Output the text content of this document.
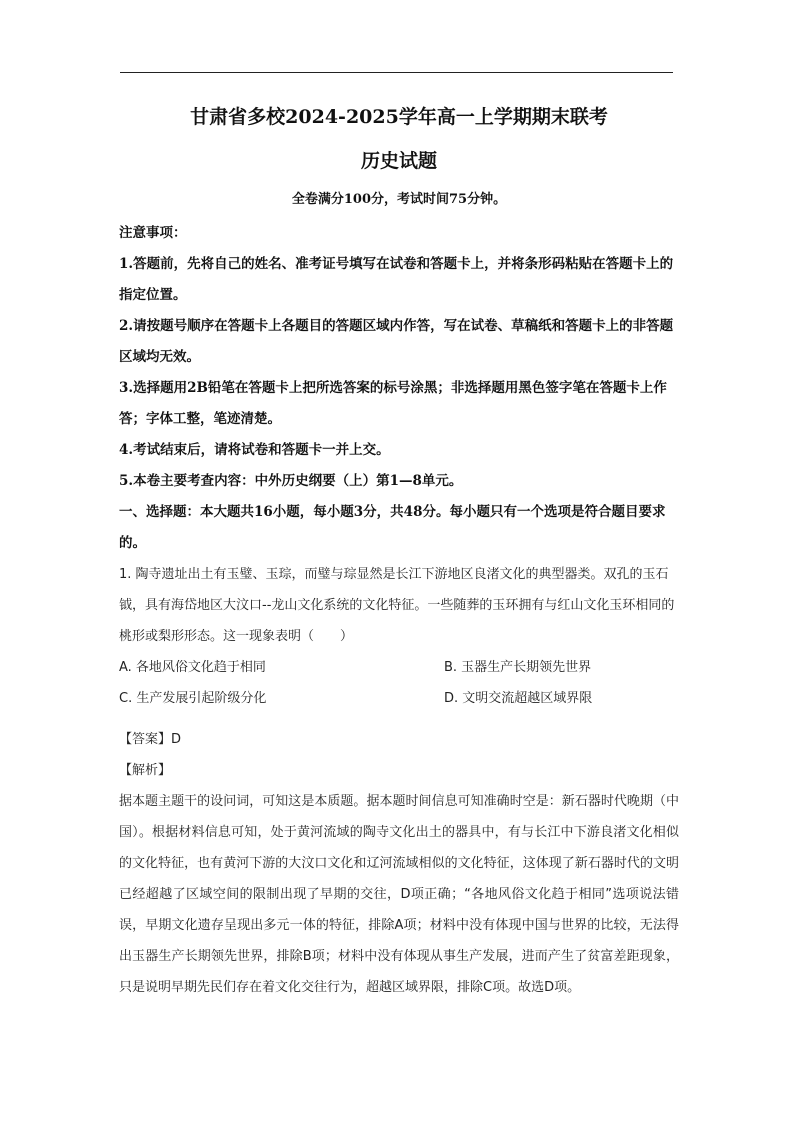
甘肃省多校2024-2025学年高一上学期期末联考
历史试题

全卷满分100分，考试时间75分钟。

注意事项：

1.答题前，先将自己的姓名、准考证号填写在试卷和答题卡上，并将条形码粘贴在答题卡上的指定位置。

2.请按题号顺序在答题卡上各题目的答题区域内作答，写在试卷、草稿纸和答题卡上的非答题区域均无效。

3.选择题用2B铅笔在答题卡上把所选答案的标号涂黑；非选择题用黑色签字笔在答题卡上作答；字体工整，笔迹清楚。

4.考试结束后，请将试卷和答题卡一并上交。

5.本卷主要考查内容：中外历史纲要（上）第1—8单元。

一、选择题：本大题共16小题，每小题3分，共48分。每小题只有一个选项是符合题目要求的。

1. 陶寺遗址出土有玉璧、玉琮，而璧与琮显然是长江下游地区良渚文化的典型器类。双孔的玉石钺，具有海岱地区大汶口--龙山文化系统的文化特征。一些随葬的玉环拥有与红山文化玉环相同的桃形或梨形形态。这一现象表明（　　）

A. 各地风俗文化趋于相同	B. 玉器生产长期领先世界
C. 生产发展引起阶级分化	D. 文明交流超越区域界限

【答案】D

【解析】

据本题主题干的设问词，可知这是本质题。据本题时间信息可知准确时空是：新石器时代晚期（中国）。根据材料信息可知，处于黄河流域的陶寺文化出土的器具中，有与长江中下游良渚文化相似的文化特征，也有黄河下游的大汶口文化和辽河流域相似的文化特征，这体现了新石器时代的文明已经超越了区域空间的限制出现了早期的交往，D项正确；“各地风俗文化趋于相同”选项说法错误，早期文化遗存呈现出多元一体的特征，排除A项；材料中没有体现中国与世界的比较，无法得出玉器生产长期领先世界，排除B项；材料中没有体现从事生产发展，进而产生了贫富差距现象，只是说明早期先民们存在着文化交往行为，超越区域界限，排除C项。故选D项。
